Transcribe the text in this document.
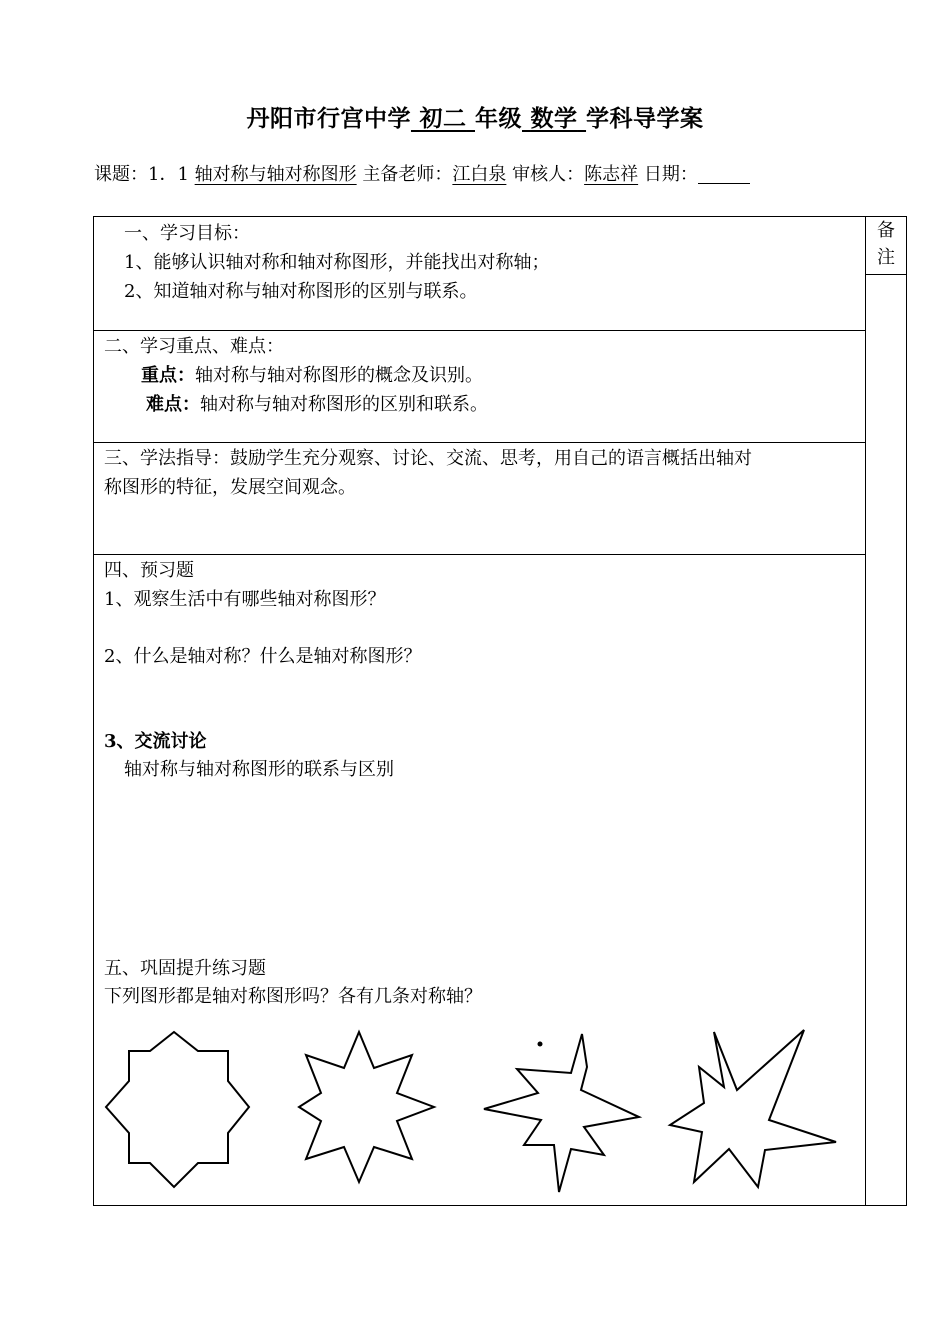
丹阳市行宫中学 初二 年级 数学 学科导学案
课题：1．1 轴对称与轴对称图形 主备老师：江白泉 审核人：陈志祥 日期：
一、学习目标：
1、能够认识轴对称和轴对称图形，并能找出对称轴；
2、知道轴对称与轴对称图形的区别与联系。
二、学习重点、难点：
重点：轴对称与轴对称图形的概念及识别。
难点：轴对称与轴对称图形的区别和联系。
三、学法指导：鼓励学生充分观察、讨论、交流、思考，用自己的语言概括出轴对
称图形的特征，发展空间观念。
四、预习题
1、观察生活中有哪些轴对称图形？
2、什么是轴对称？什么是轴对称图形？
3、交流讨论
轴对称与轴对称图形的联系与区别
五、巩固提升练习题
下列图形都是轴对称图形吗？各有几条对称轴？
备
注
